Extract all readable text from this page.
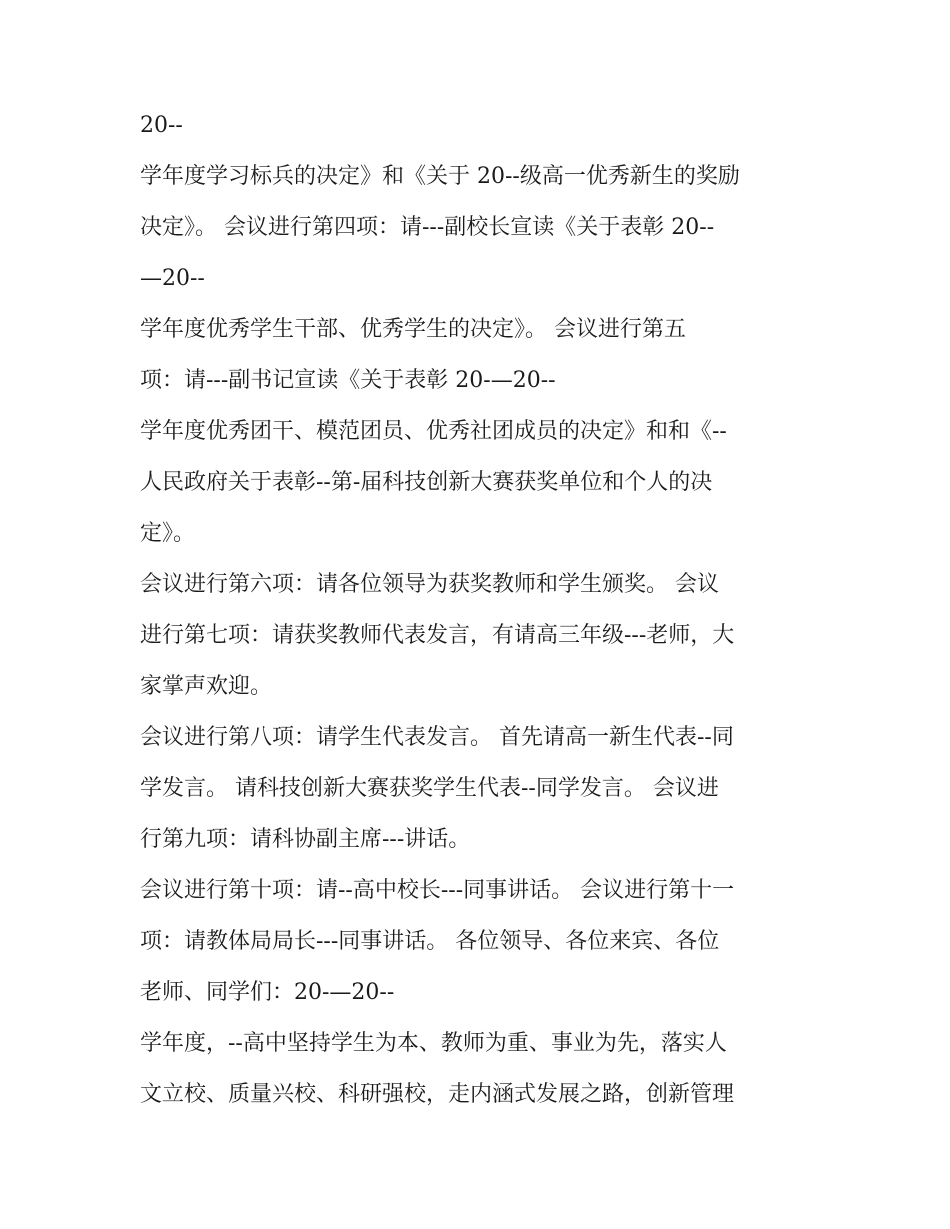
20--
学年度学习标兵的决定》和《关于 20--级高一优秀新生的奖励
决定》。 会议进行第四项：请---副校长宣读《关于表彰 20--
—20--
学年度优秀学生干部、优秀学生的决定》。 会议进行第五
项：请---副书记宣读《关于表彰 20-—20--
学年度优秀团干、模范团员、优秀社团成员的决定》和和《--
人民政府关于表彰--第-届科技创新大赛获奖单位和个人的决
定》。
会议进行第六项：请各位领导为获奖教师和学生颁奖。 会议
进行第七项：请获奖教师代表发言，有请高三年级---老师，大
家掌声欢迎。
会议进行第八项：请学生代表发言。 首先请高一新生代表--同
学发言。 请科技创新大赛获奖学生代表--同学发言。 会议进
行第九项：请科协副主席---讲话。
会议进行第十项：请--高中校长---同事讲话。 会议进行第十一
项：请教体局局长---同事讲话。 各位领导、各位来宾、各位
老师、同学们：20-—20--
学年度，--高中坚持学生为本、教师为重、事业为先，落实人
文立校、质量兴校、科研强校，走内涵式发展之路，创新管理
